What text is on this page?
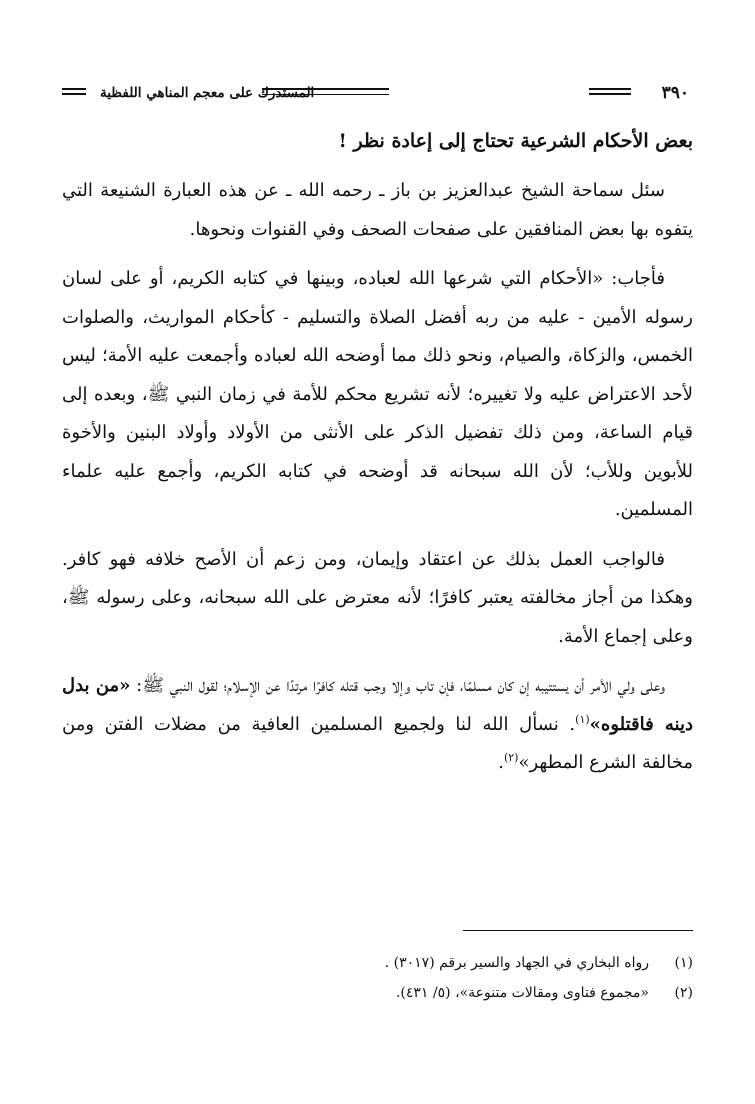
٣٩٠
المستدرك على معجم المناهي اللفظية
بعض الأحكام الشرعية تحتاج إلى إعادة نظر !

سئل سماحة الشيخ عبدالعزيز بن باز ـ رحمه الله ـ عن هذه العبارة الشنيعة التي يتفوه بها بعض المنافقين على صفحات الصحف وفي القنوات ونحوها.

فأجاب: «الأحكام التي شرعها الله لعباده، وبينها في كتابه الكريم، أو على لسان رسوله الأمين - عليه من ربه أفضل الصلاة والتسليم - كأحكام المواريث، والصلوات الخمس، والزكاة، والصيام، ونحو ذلك مما أوضحه الله لعباده وأجمعت عليه الأمة؛ ليس لأحد الاعتراض عليه ولا تغييره؛ لأنه تشريع محكم للأمة في زمان النبي ﷺ، وبعده إلى قيام الساعة، ومن ذلك تفضيل الذكر على الأنثى من الأولاد وأولاد البنين والأخوة للأبوين وللأب؛ لأن الله سبحانه قد أوضحه في كتابه الكريم، وأجمع عليه علماء المسلمين.

فالواجب العمل بذلك عن اعتقاد وإيمان، ومن زعم أن الأصح خلافه فهو كافر. وهكذا من أجاز مخالفته يعتبر كافرًا؛ لأنه معترض على الله سبحانه، وعلى رسوله ﷺ، وعلى إجماع الأمة.

وعلى ولي الأمر أن يستتيبه إن كان مسلمًا، فإن تاب وإلا وجب قتله كافرًا مرتدًا عن الإسلام؛ لقول النبي ﷺ: «من بدل دينه فاقتلوه»$^{(١)}$. نسأل الله لنا ولجميع المسلمين العافية من مضلات الفتن ومن مخالفة الشرع المطهر»$^{(٢)}$.

(١)
رواه البخاري في الجهاد والسير برقم (٣٠١٧) .
(٢)
«مجموع فتاوى ومقالات متنوعة»، (٥/ ٤٣١).
